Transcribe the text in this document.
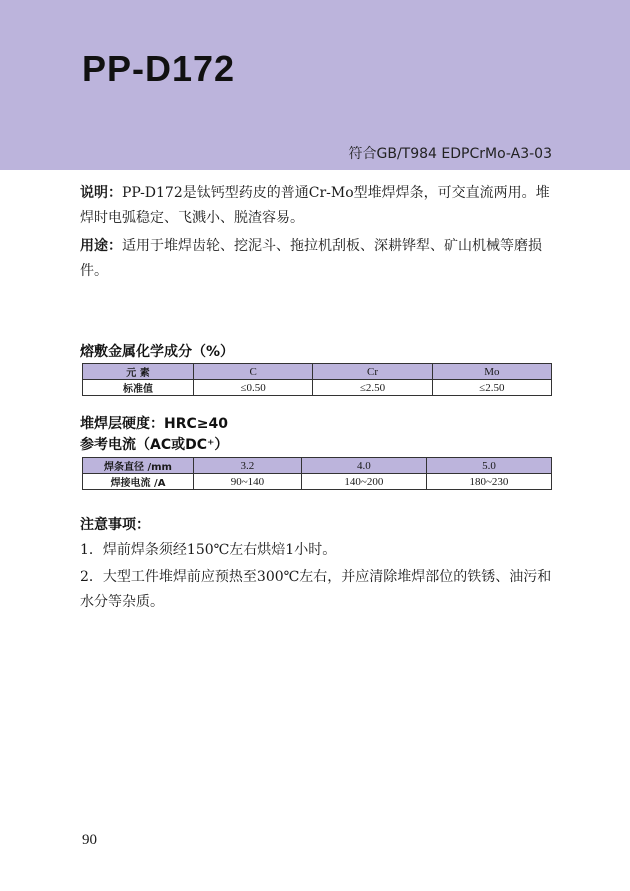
PP-D172
符合GB/T984 EDPCrMo-A3-03

说明：PP-D172是钛钙型药皮的普通Cr-Mo型堆焊焊条，可交直流两用。堆焊时电弧稳定、飞溅小、脱渣容易。

用途：适用于堆焊齿轮、挖泥斗、拖拉机刮板、深耕铧犁、矿山机械等磨损件。

熔敷金属化学成分（%）
元 素	C	Cr	Mo
标准值	≤0.50	≤2.50	≤2.50
堆焊层硬度：HRC≥40
参考电流（AC或DC⁺）
焊条直径 /mm	3.2	4.0	5.0
焊接电流 /A	90~140	140~200	180~230
注意事项：

1．焊前焊条须经150℃左右烘焙1小时。

2．大型工件堆焊前应预热至300℃左右，并应清除堆焊部位的铁锈、油污和水分等杂质。

90
